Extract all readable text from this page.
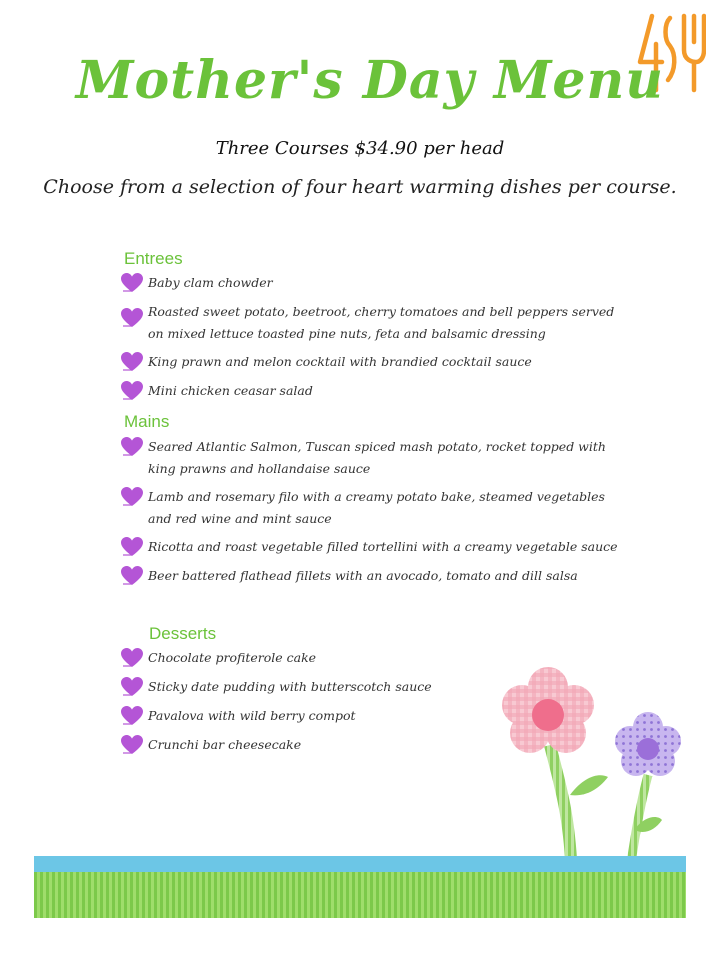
Mother's Day Menu
Three Courses $34.90 per head
Choose from a selection of four heart warming dishes per course.
Entrees
Baby clam chowder
Roasted sweet potato, beetroot, cherry tomatoes and bell peppers served on mixed lettuce toasted pine nuts, feta and balsamic dressing
King prawn and melon cocktail with brandied cocktail sauce
Mini chicken ceasar salad
Mains
Seared Atlantic Salmon, Tuscan spiced mash potato, rocket topped with king prawns and hollandaise sauce
Lamb and rosemary filo with a creamy potato bake, steamed vegetables and red wine and mint sauce
Ricotta and roast vegetable filled tortellini with a creamy vegetable sauce
Beer battered flathead fillets with an avocado, tomato and dill salsa
Desserts
Chocolate profiterole cake
Sticky date pudding with butterscotch sauce
Pavalova with wild berry compot
Crunchi bar cheesecake
